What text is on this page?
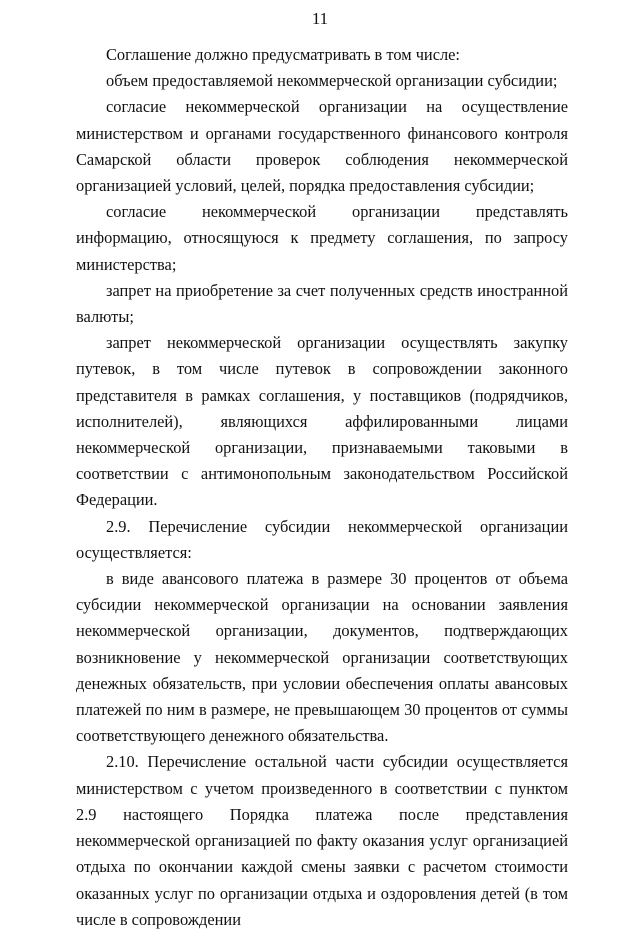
11

Соглашение должно предусматривать в том числе:

объем предоставляемой некоммерческой организации субсидии;

согласие некоммерческой организации на осуществление министерством и органами государственного финансового контроля Самарской области проверок соблюдения некоммерческой организацией условий, целей, порядка предоставления субсидии;

согласие некоммерческой организации представлять информацию, относящуюся к предмету соглашения, по запросу министерства;

запрет на приобретение за счет полученных средств иностранной валюты;

запрет некоммерческой организации осуществлять закупку путевок, в том числе путевок в сопровождении законного представителя в рамках соглашения, у поставщиков (подрядчиков, исполнителей), являющихся аффилированными лицами некоммерческой организации, признаваемыми таковыми в соответствии с антимонопольным законодательством Российской Федерации.

2.9. Перечисление субсидии некоммерческой организации осуществляется:

в виде авансового платежа в размере 30 процентов от объема субсидии некоммерческой организации на основании заявления некоммерческой организации, документов, подтверждающих возникновение у некоммерческой организации соответствующих денежных обязательств, при условии обеспечения оплаты авансовых платежей по ним в размере, не превышающем 30 процентов от суммы соответствующего денежного обязательства.

2.10. Перечисление остальной части субсидии осуществляется министерством с учетом произведенного в соответствии с пунктом 2.9 настоящего Порядка платежа после представления некоммерческой организацией по факту оказания услуг организацией отдыха по окончании каждой смены заявки с расчетом стоимости оказанных услуг по организации отдыха и оздоровления детей (в том числе в сопровождении
